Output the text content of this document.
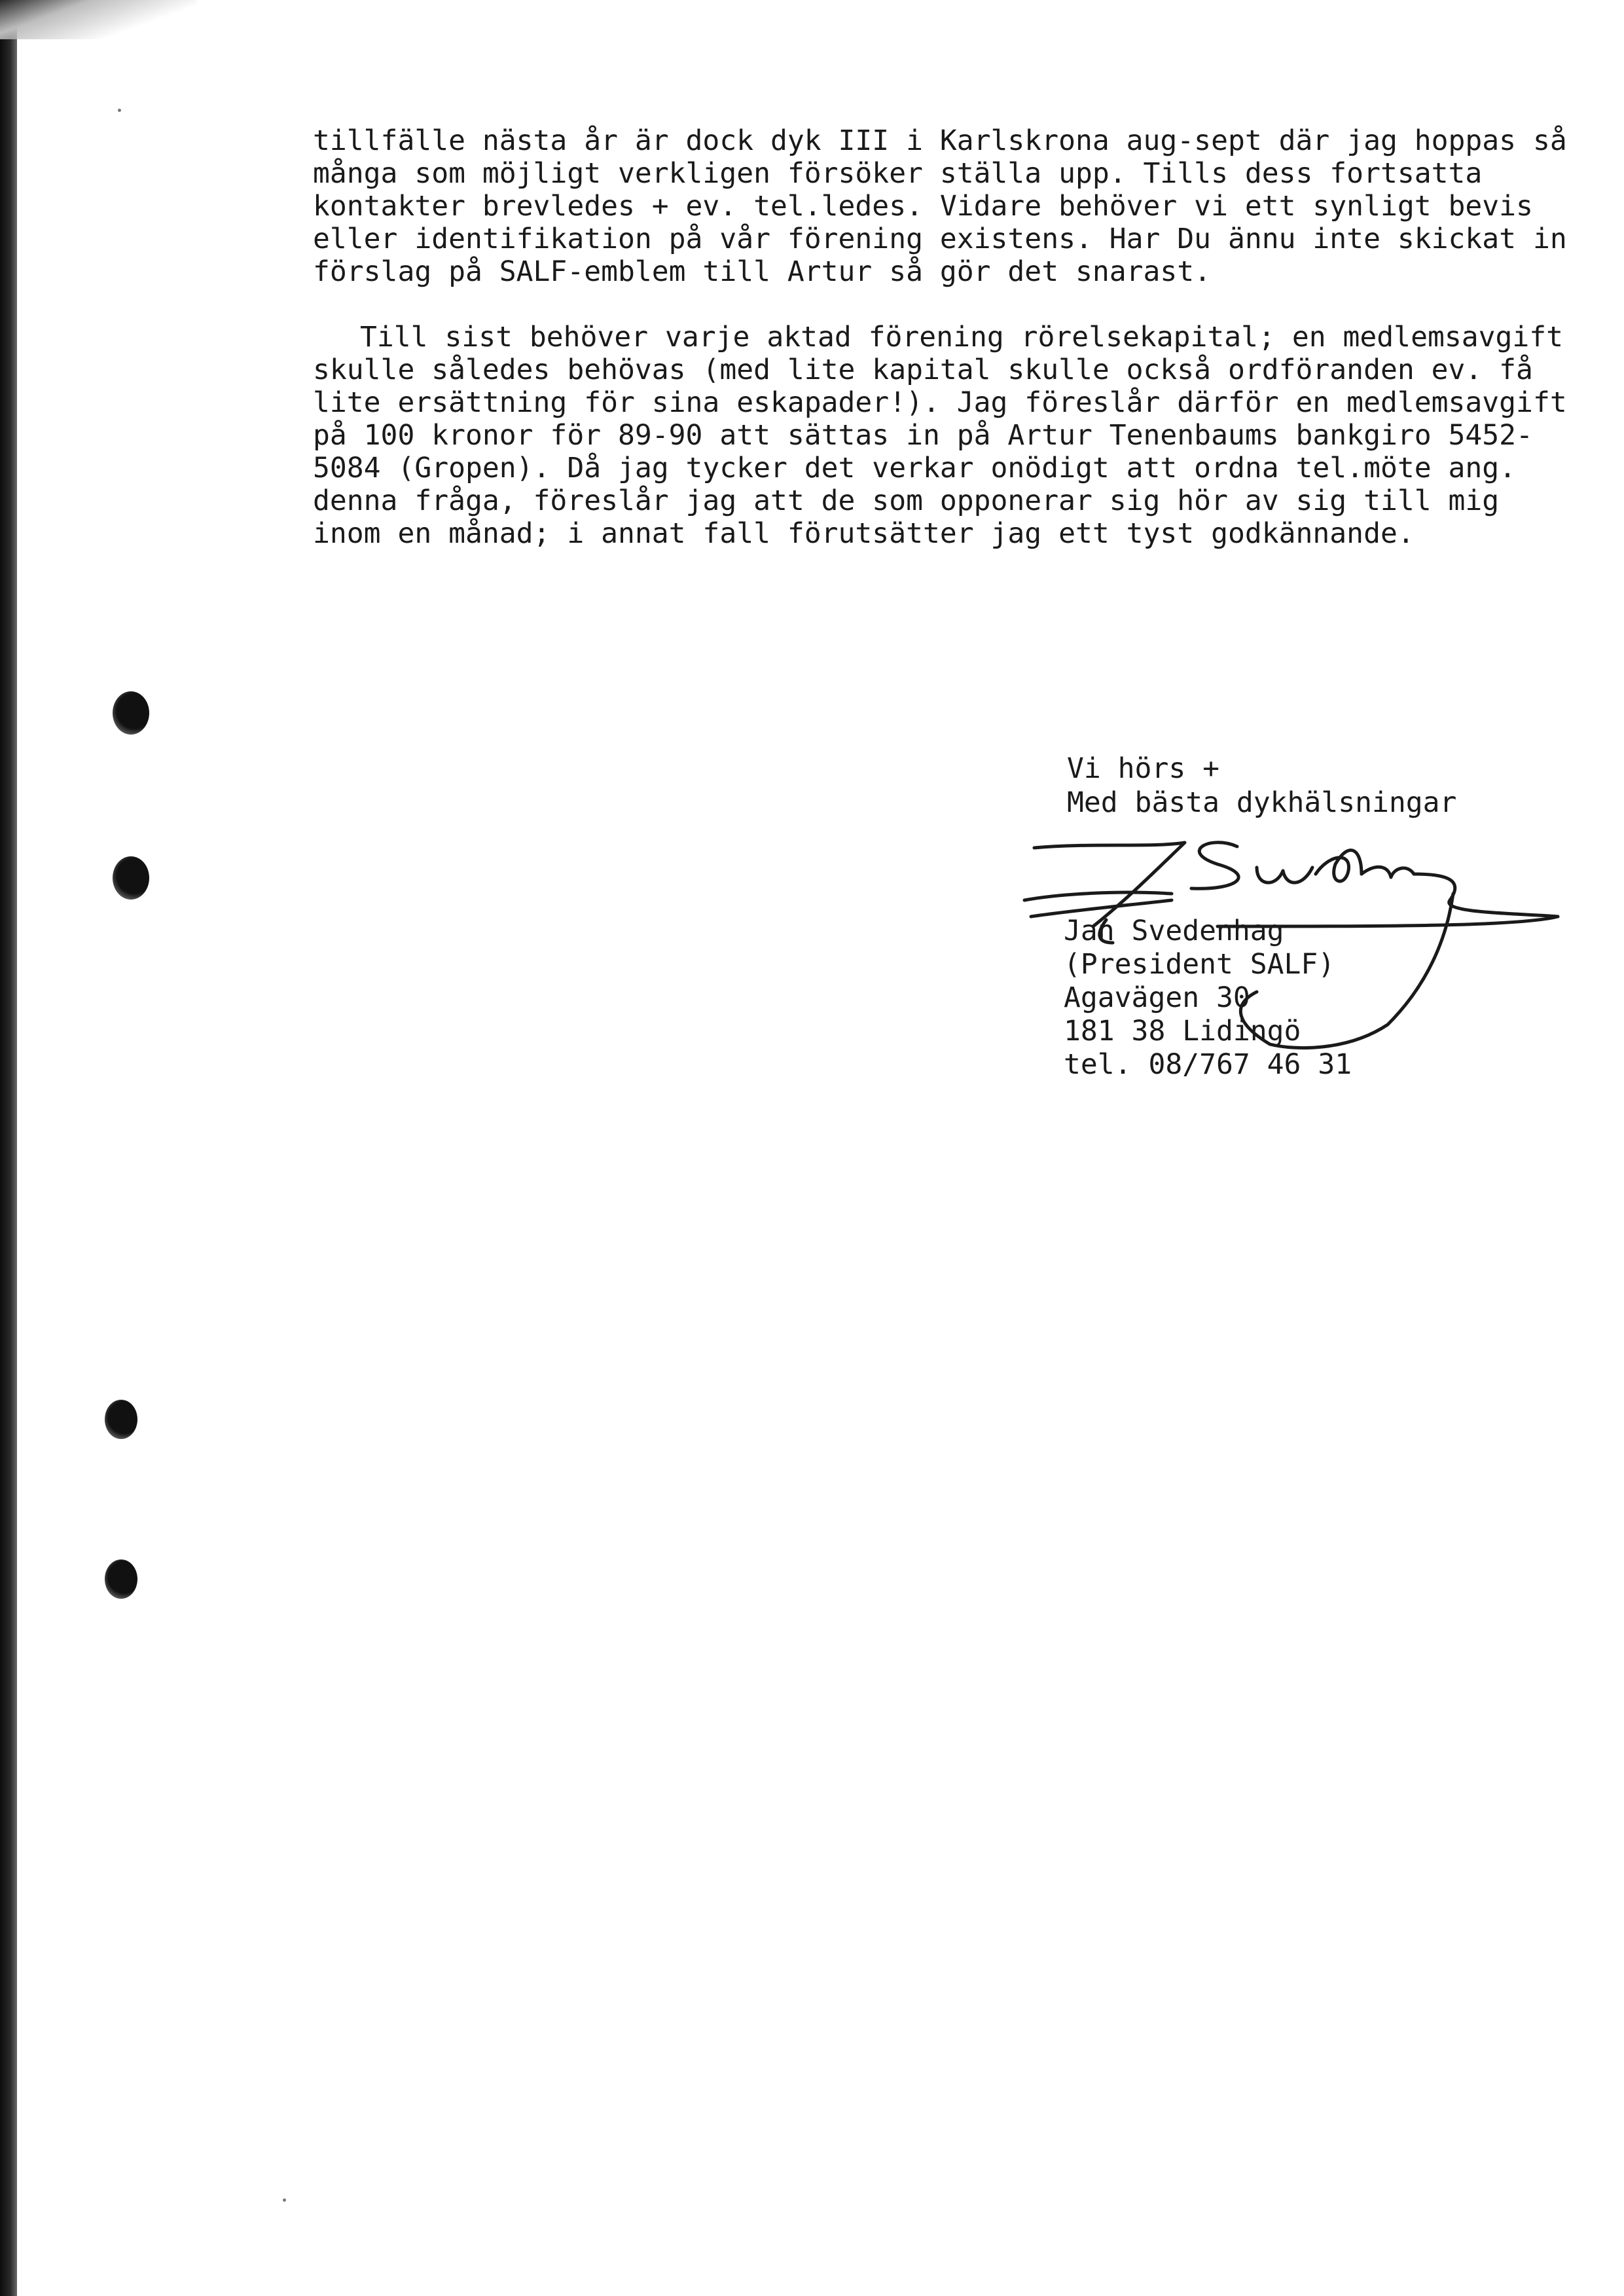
tillfälle nästa år är dock dyk III i Karlskrona aug-sept där jag hoppas så många som möjligt verkligen försöker ställa upp. Tills dess fortsatta kontakter brevledes + ev. tel.ledes. Vidare behöver vi ett synligt bevis eller identifikation på vår förening existens. Har Du ännu inte skickat in förslag på SALF-emblem till Artur så gör det snarast.

Till sist behöver varje aktad förening rörelsekapital; en medlemsavgift skulle således behövas (med lite kapital skulle också ordföranden ev. få lite ersättning för sina eskapader!). Jag föreslår därför en medlemsavgift på 100 kronor för 89-90 att sättas in på Artur Tenenbaums bankgiro 5452-5084 (Gropen). Då jag tycker det verkar onödigt att ordna tel.möte ang. denna fråga, föreslår jag att de som opponerar sig hör av sig till mig inom en månad; i annat fall förutsätter jag ett tyst godkännande.

Vi hörs +

Med bästa dykhälsningar

Jan Svedenhag

(President SALF)

Agavägen 30

181 38 Lidingö

tel. 08/767 46 31
